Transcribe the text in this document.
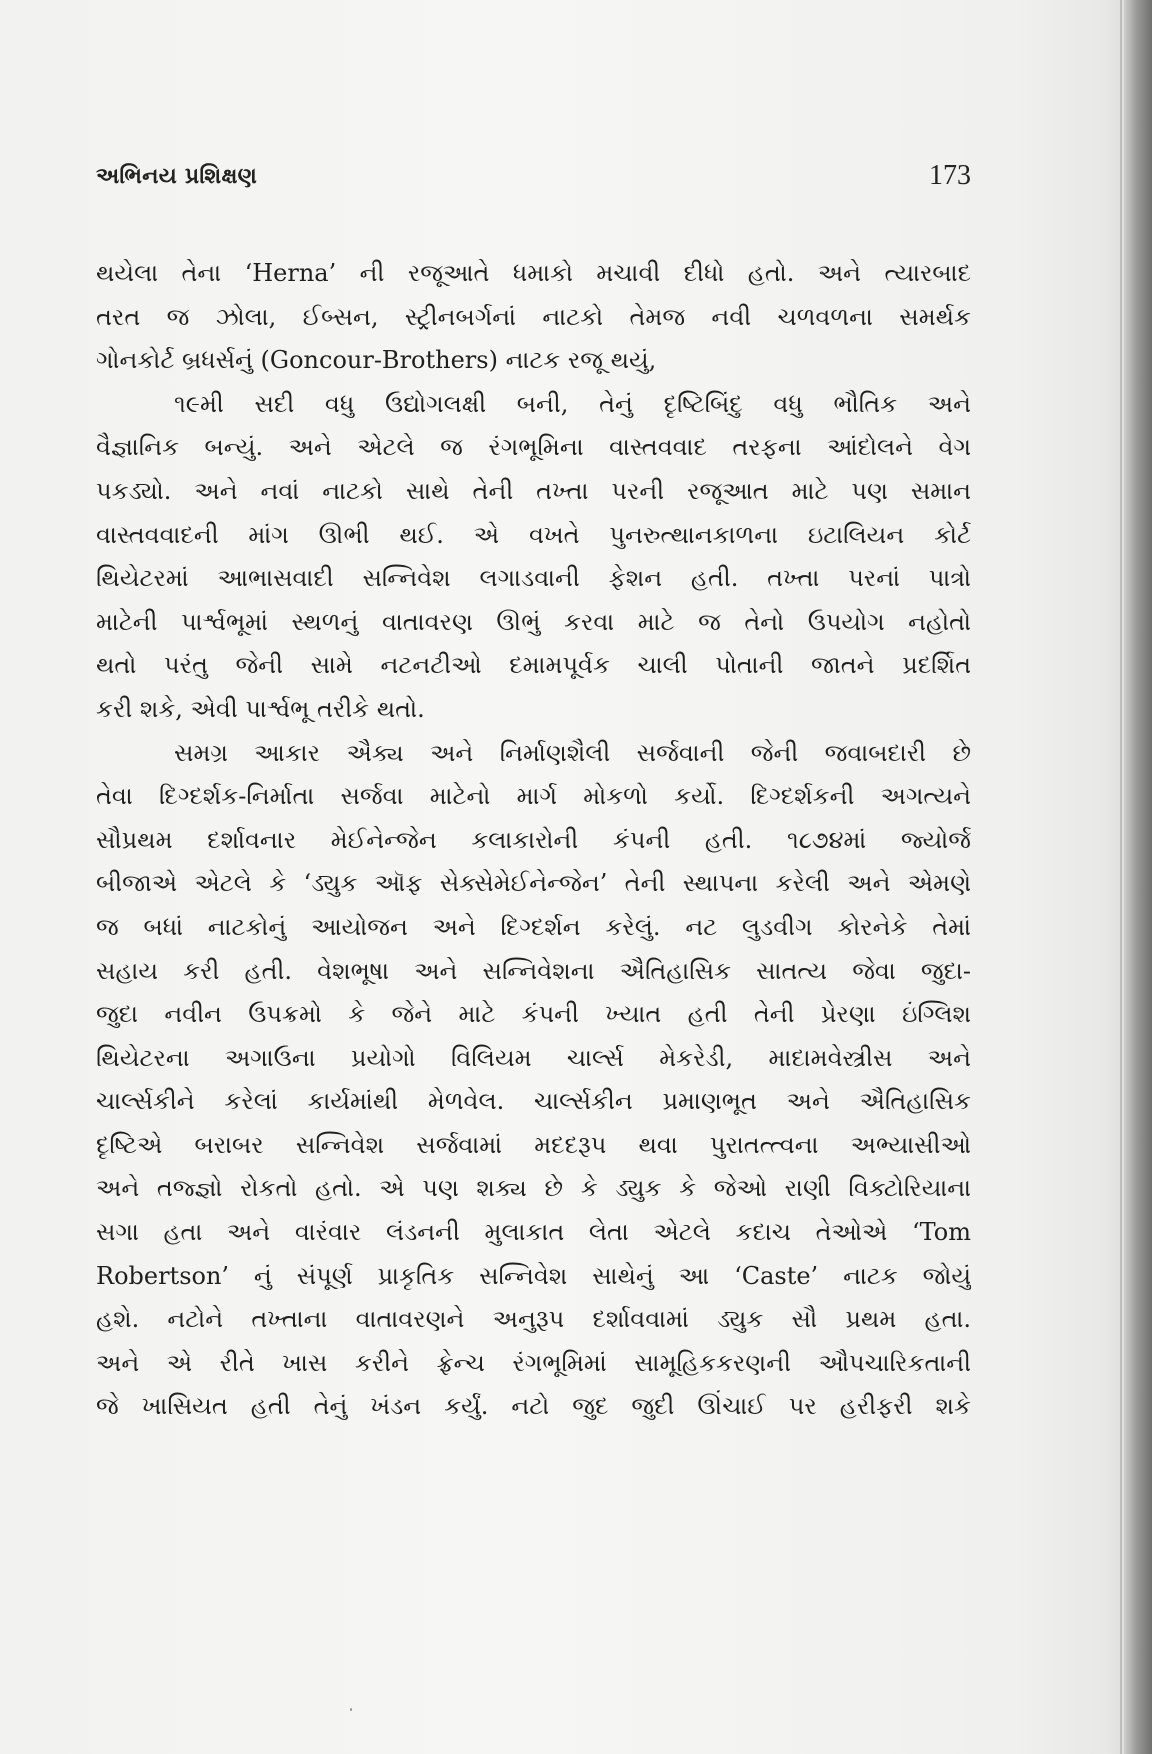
અભિનય પ્રશિક્ષણ	173
થયેલા તેના ‘Herna’ ની રજૂઆતે ધમાકો મચાવી દીધો હતો. અને ત્યારબાદ
તરત જ ઝોલા, ઈબ્સન, સ્ટ્રીનબર્ગનાં નાટકો તેમજ નવી ચળવળના સમર્થક
ગોનકોર્ટ બ્રધર્સનું (Goncour-Brothers) નાટક રજૂ થયું,
૧૯મી સદી વધુ ઉદ્યોગલક્ષી બની, તેનું દૃષ્ટિબિંદુ વધુ ભૌતિક અને
વૈજ્ઞાનિક બન્યું. અને એટલે જ રંગભૂમિના વાસ્તવવાદ તરફના આંદોલને વેગ
પકડ્યો. અને નવાં નાટકો સાથે તેની તખ્તા પરની રજૂઆત માટે પણ સમાન
વાસ્તવવાદની માંગ ઊભી થઈ. એ વખતે પુનરુત્થાનકાળના ઇટાલિયન કોર્ટ
થિયેટરમાં આભાસવાદી સન્નિવેશ લગાડવાની ફેશન હતી. તખ્તા પરનાં પાત્રો
માટેની પાર્શ્વભૂમાં સ્થળનું વાતાવરણ ઊભું કરવા માટે જ તેનો ઉપયોગ નહોતો
થતો પરંતુ જેની સામે નટનટીઓ દમામપૂર્વક ચાલી પોતાની જાતને પ્રદર્શિત
કરી શકે, એવી પાર્શ્વભૂ તરીકે થતો.
સમગ્ર આકાર ઐક્ય અને નિર્માણશૈલી સર્જવાની જેની જવાબદારી છે
તેવા દિગ્દર્શક-નિર્માતા સર્જવા માટેનો માર્ગ મોકળો કર્યો. દિગ્દર્શકની અગત્યને
સૌપ્રથમ દર્શાવનાર મેઈનેન્જેન કલાકારોની કંપની હતી. ૧૮૭૪માં જ્યોર્જ
બીજાએ એટલે કે ‘ડ્યુક ઑફ સેક્સેમેઈનેન્જેન’ તેની સ્થાપના કરેલી અને એમણે
જ બધાં નાટકોનું આયોજન અને દિગ્દર્શન કરેલું. નટ લુડવીગ કોરનેકે તેમાં
સહાય કરી હતી. વેશભૂષા અને સન્નિવેશના ઐતિહાસિક સાતત્ય જેવા જુદા-
જુદા નવીન ઉપક્રમો કે જેને માટે કંપની ખ્યાત હતી તેની પ્રેરણા ઇંગ્લિશ
થિયેટરના અગાઉના પ્રયોગો વિલિયમ ચાર્લ્સ મેકરેડી, માદામવેસ્ત્રીસ અને
ચાર્લ્સકીને કરેલાં કાર્યમાંથી મેળવેલ. ચાર્લ્સકીન પ્રમાણભૂત અને ઐતિહાસિક
દૃષ્ટિએ બરાબર સન્નિવેશ સર્જવામાં મદદરૂપ થવા પુરાતત્ત્વના અભ્યાસીઓ
અને તજ્જ્ઞો રોકતો હતો. એ પણ શક્ય છે કે ડ્યુક કે જેઓ રાણી વિક્ટોરિયાના
સગા હતા અને વારંવાર લંડનની મુલાકાત લેતા એટલે કદાચ તેઓએ ‘Tom
Robertson’ નું સંપૂર્ણ પ્રાકૃતિક સન્નિવેશ સાથેનું આ ‘Caste’ નાટક જોયું
હશે. નટોને તખ્તાના વાતાવરણને અનુરૂપ દર્શાવવામાં ડ્યુક સૌ પ્રથમ હતા.
અને એ રીતે ખાસ કરીને ફ્રેન્ચ રંગભૂમિમાં સામૂહિકકરણની ઔપચારિકતાની
જે ખાસિયત હતી તેનું ખંડન કર્યું. નટો જુદ જુદી ઊંચાઈ પર હરીફરી શકે
